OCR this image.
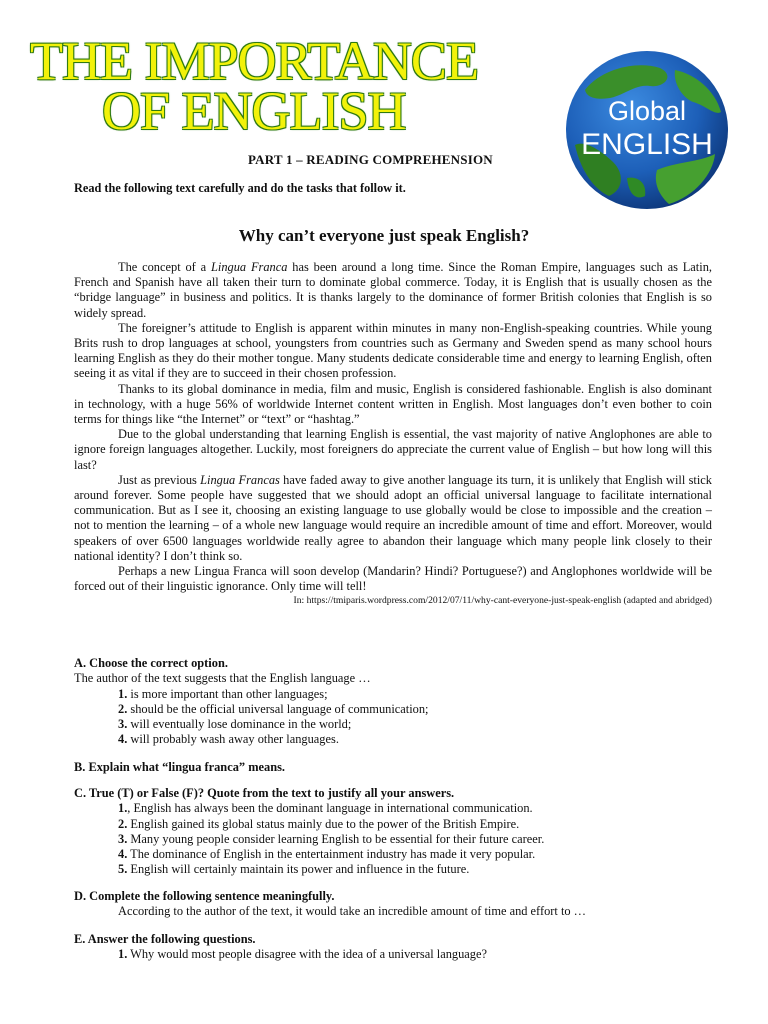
THE IMPORTANCE
OF ENGLISH	Global
ENGLISH
PART 1 – READING COMPREHENSION
Read the following text carefully and do the tasks that follow it.
Why can’t everyone just speak English?

The concept of a Lingua Franca has been around a long time. Since the Roman Empire, languages such as Latin, French and Spanish have all taken their turn to dominate global commerce. Today, it is English that is usually chosen as the “bridge language” in business and politics. It is thanks largely to the dominance of former British colonies that English is so widely spread.

The foreigner’s attitude to English is apparent within minutes in many non-English-speaking countries. While young Brits rush to drop languages at school, youngsters from countries such as Germany and Sweden spend as many school hours learning English as they do their mother tongue. Many students dedicate considerable time and energy to learning English, often seeing it as vital if they are to succeed in their chosen profession.

Thanks to its global dominance in media, film and music, English is considered fashionable. English is also dominant in technology, with a huge 56% of worldwide Internet content written in English. Most languages don’t even bother to coin terms for things like “the Internet” or “text” or “hashtag.”

Due to the global understanding that learning English is essential, the vast majority of native Anglophones are able to ignore foreign languages altogether. Luckily, most foreigners do appreciate the current value of English – but how long will this last?

Just as previous Lingua Francas have faded away to give another language its turn, it is unlikely that English will stick around forever. Some people have suggested that we should adopt an official universal language to facilitate international communication. But as I see it, choosing an existing language to use globally would be close to impossible and the creation – not to mention the learning – of a whole new language would require an incredible amount of time and effort. Moreover, would speakers of over 6500 languages worldwide really agree to abandon their language which many people link closely to their national identity? I don’t think so.

Perhaps a new Lingua Franca will soon develop (Mandarin? Hindi? Portuguese?) and Anglophones worldwide will be forced out of their linguistic ignorance. Only time will tell!

In: https://tmiparis.wordpress.com/2012/07/11/why-cant-everyone-just-speak-english (adapted and abridged)
A. Choose the correct option.
The author of the text suggests that the English language …
1. is more important than other languages;
2. should be the official universal language of communication;
3. will eventually lose dominance in the world;
4. will probably wash away other languages.
B. Explain what “lingua franca” means.
C. True (T) or False (F)? Quote from the text to justify all your answers.
1., English has always been the dominant language in international communication.
2. English gained its global status mainly due to the power of the British Empire.
3. Many young people consider learning English to be essential for their future career.
4. The dominance of English in the entertainment industry has made it very popular.
5. English will certainly maintain its power and influence in the future.
D. Complete the following sentence meaningfully.
According to the author of the text, it would take an incredible amount of time and effort to …
E. Answer the following questions.
1. Why would most people disagree with the idea of a universal language?
